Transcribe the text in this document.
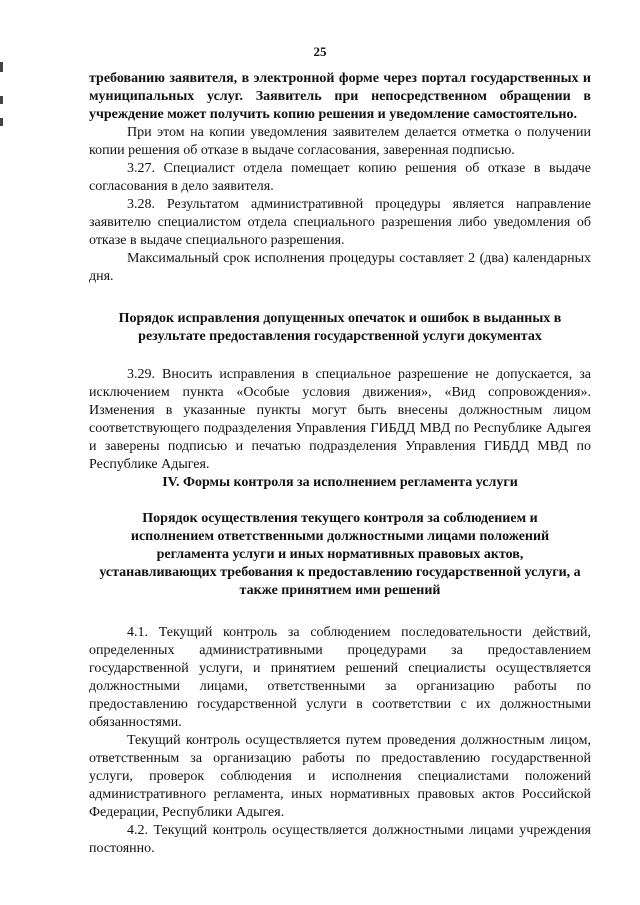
25

требованию заявителя, в электронной форме через портал государственных и муниципальных услуг. Заявитель при непосредственном обращении в учреждение может получить копию решения и уведомление самостоятельно.

При этом на копии уведомления заявителем делается отметка о получении копии решения об отказе в выдаче согласования, заверенная подписью.

3.27. Специалист отдела помещает копию решения об отказе в выдаче согласования в дело заявителя.

3.28. Результатом административной процедуры является направление заявителю специалистом отдела специального разрешения либо уведомления об отказе в выдаче специального разрешения.

Максимальный срок исполнения процедуры составляет 2 (два) календарных дня.

Порядок исправления допущенных опечаток и ошибок в выданных в результате предоставления государственной услуги документах

3.29. Вносить исправления в специальное разрешение не допускается, за исключением пункта «Особые условия движения», «Вид сопровождения». Изменения в указанные пункты могут быть внесены должностным лицом соответствующего подразделения Управления ГИБДД МВД по Республике Адыгея и заверены подписью и печатью подразделения Управления ГИБДД МВД по Республике Адыгея.

IV. Формы контроля за исполнением регламента услуги
Порядок осуществления текущего контроля за соблюдением и исполнением ответственными должностными лицами положений регламента услуги и иных нормативных правовых актов, устанавливающих требования к предоставлению государственной услуги, а также принятием ими решений

4.1. Текущий контроль за соблюдением последовательности действий, определенных административными процедурами за предоставлением государственной услуги, и принятием решений специалисты осуществляется должностными лицами, ответственными за организацию работы по предоставлению государственной услуги в соответствии с их должностными обязанностями.

Текущий контроль осуществляется путем проведения должностным лицом, ответственным за организацию работы по предоставлению государственной услуги, проверок соблюдения и исполнения специалистами положений административного регламента, иных нормативных правовых актов Российской Федерации, Республики Адыгея.

4.2. Текущий контроль осуществляется должностными лицами учреждения постоянно.
